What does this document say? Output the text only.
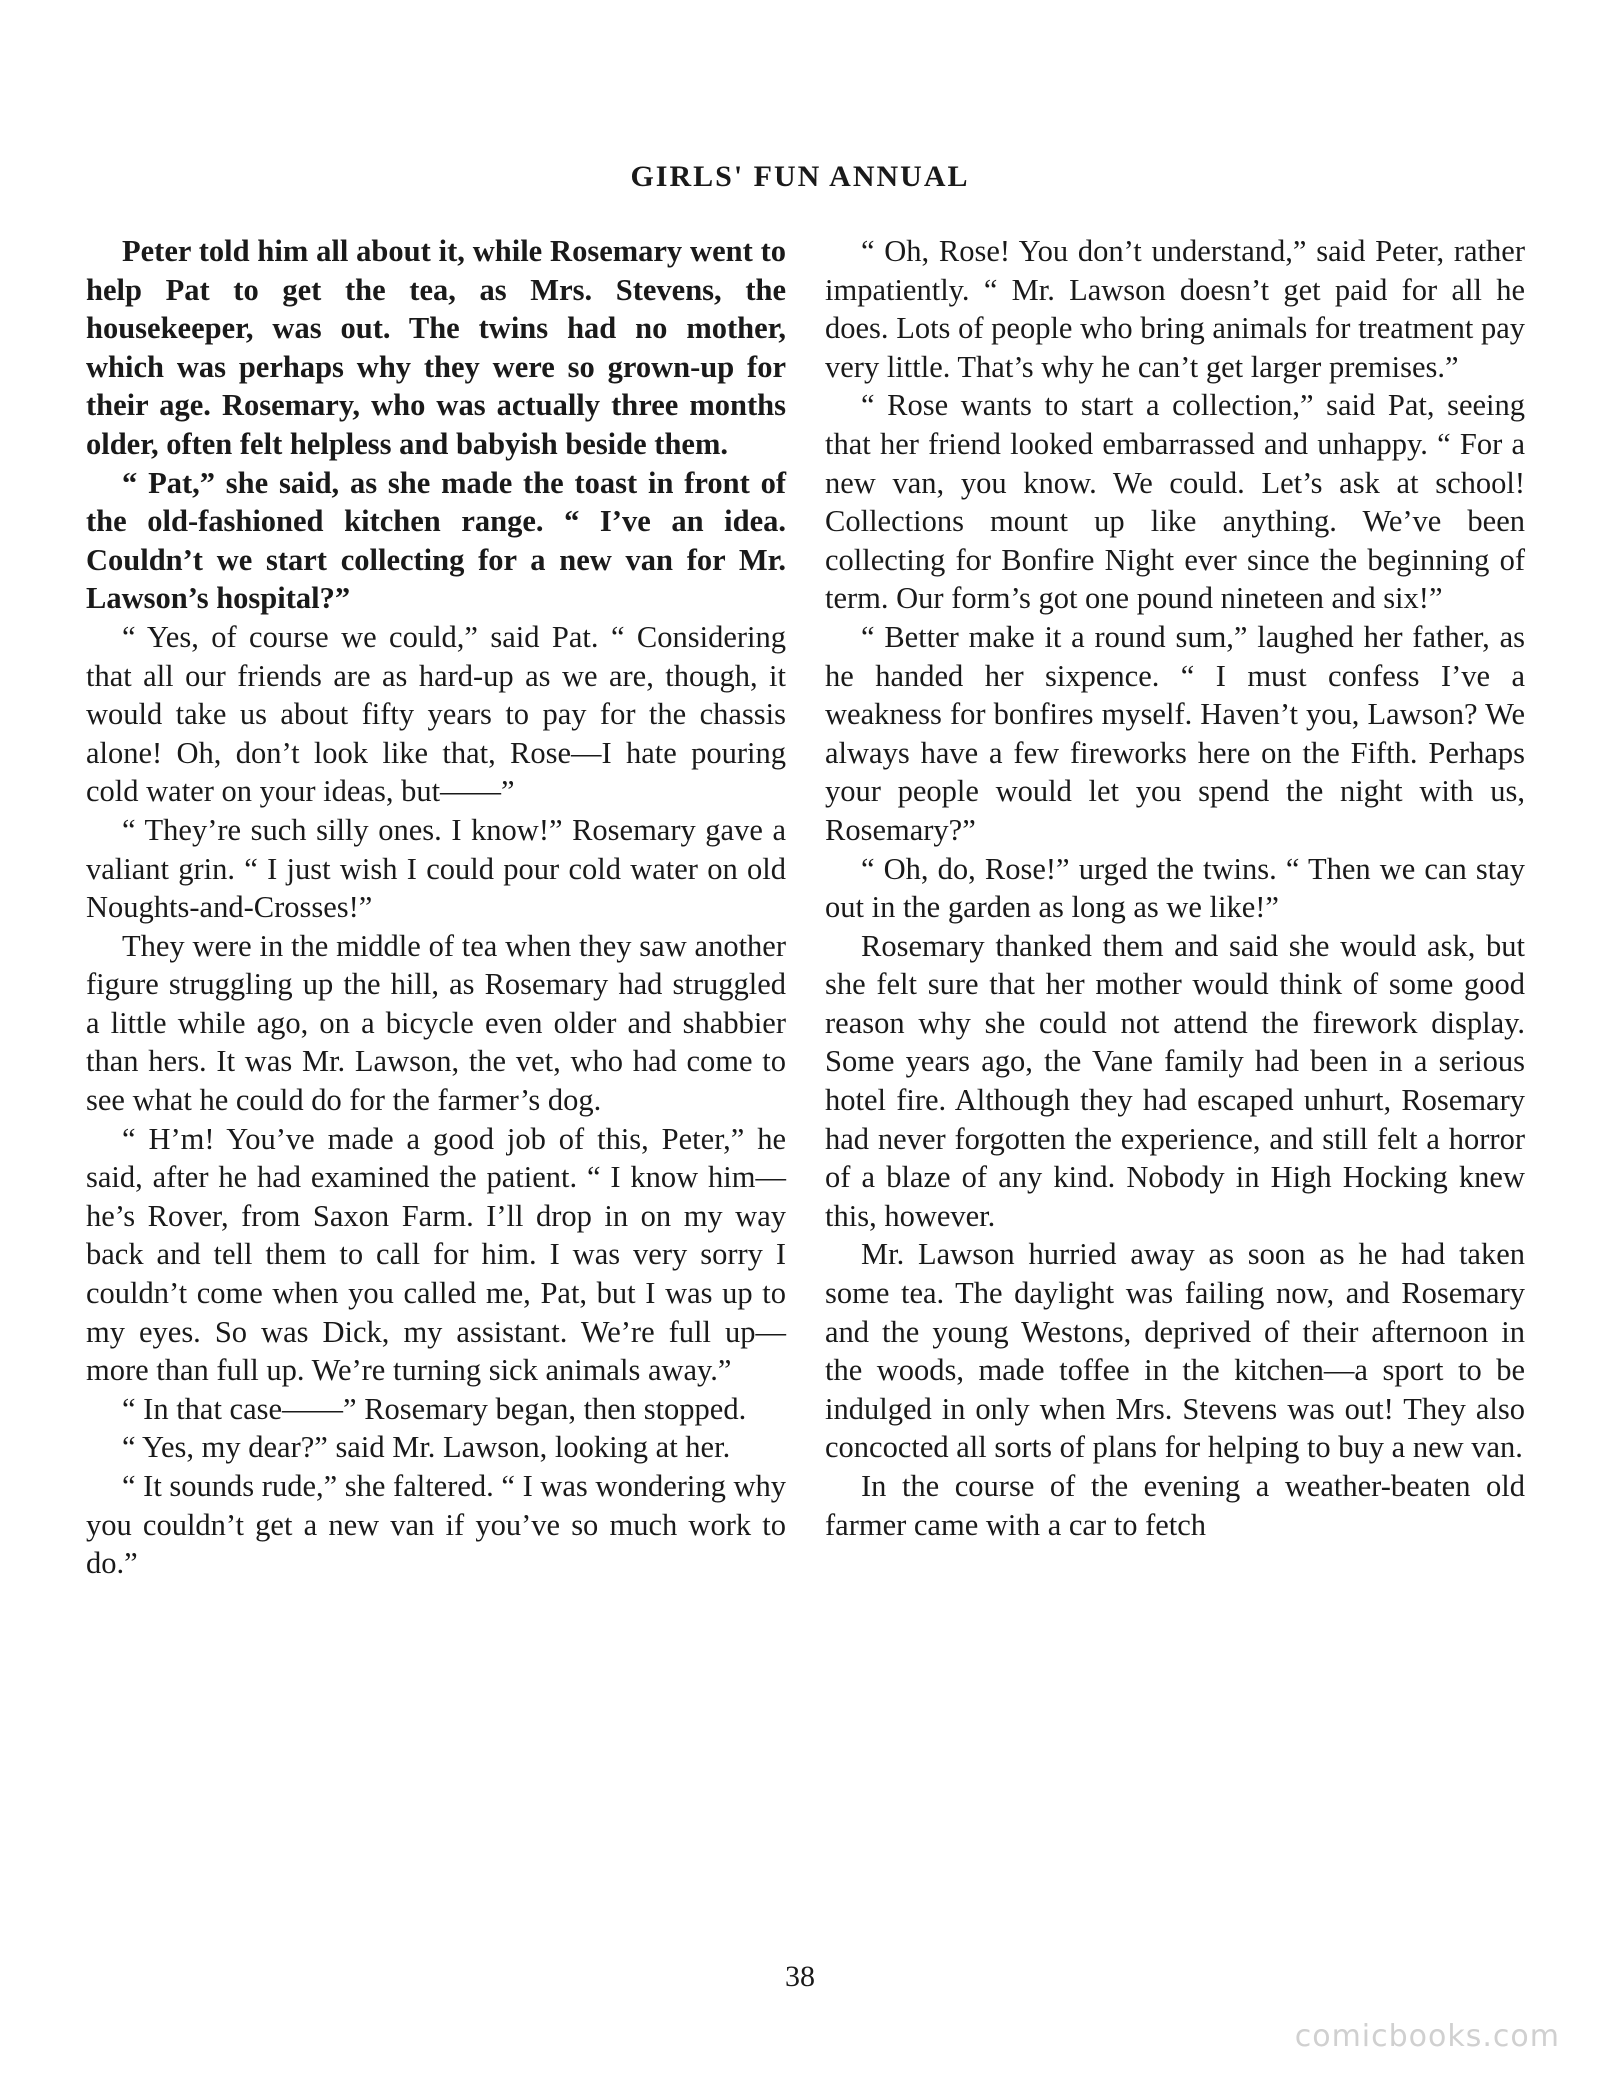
GIRLS' FUN ANNUAL

Peter told him all about it, while Rosemary went to help Pat to get the tea, as Mrs. Stevens, the housekeeper, was out. The twins had no mother, which was perhaps why they were so grown-up for their age. Rosemary, who was actually three months older, often felt helpless and babyish beside them.

“ Pat,” she said, as she made the toast in front of the old-fashioned kitchen range. “ I’ve an idea. Couldn’t we start collecting for a new van for Mr. Lawson’s hospital?”

“ Yes, of course we could,” said Pat. “ Considering that all our friends are as hard-up as we are, though, it would take us about fifty years to pay for the chassis alone! Oh, don’t look like that, Rose—I hate pouring cold water on your ideas, but——”

“ They’re such silly ones. I know!” Rosemary gave a valiant grin. “ I just wish I could pour cold water on old Noughts-and-Crosses!”

They were in the middle of tea when they saw another figure struggling up the hill, as Rosemary had struggled a little while ago, on a bicycle even older and shabbier than hers. It was Mr. Lawson, the vet, who had come to see what he could do for the farmer’s dog.

“ H’m! You’ve made a good job of this, Peter,” he said, after he had examined the patient. “ I know him—he’s Rover, from Saxon Farm. I’ll drop in on my way back and tell them to call for him. I was very sorry I couldn’t come when you called me, Pat, but I was up to my eyes. So was Dick, my assistant. We’re full up—more than full up. We’re turning sick animals away.”

“ In that case——” Rosemary began, then stopped.

“ Yes, my dear?” said Mr. Lawson, looking at her.

“ It sounds rude,” she faltered. “ I was wondering why you couldn’t get a new van if you’ve so much work to do.”

“ Oh, Rose! You don’t understand,” said Peter, rather impatiently. “ Mr. Lawson doesn’t get paid for all he does. Lots of people who bring animals for treatment pay very little. That’s why he can’t get larger premises.”

“ Rose wants to start a collection,” said Pat, seeing that her friend looked embarrassed and unhappy. “ For a new van, you know. We could. Let’s ask at school! Collections mount up like anything. We’ve been collecting for Bonfire Night ever since the beginning of term. Our form’s got one pound nineteen and six!”

“ Better make it a round sum,” laughed her father, as he handed her sixpence. “ I must confess I’ve a weakness for bonfires myself. Haven’t you, Lawson? We always have a few fireworks here on the Fifth. Perhaps your people would let you spend the night with us, Rosemary?”

“ Oh, do, Rose!” urged the twins. “ Then we can stay out in the garden as long as we like!”

Rosemary thanked them and said she would ask, but she felt sure that her mother would think of some good reason why she could not attend the firework display. Some years ago, the Vane family had been in a serious hotel fire. Although they had escaped unhurt, Rosemary had never forgotten the experience, and still felt a horror of a blaze of any kind. Nobody in High Hocking knew this, however.

Mr. Lawson hurried away as soon as he had taken some tea. The daylight was failing now, and Rosemary and the young Westons, deprived of their afternoon in the woods, made toffee in the kitchen—a sport to be indulged in only when Mrs. Stevens was out! They also concocted all sorts of plans for helping to buy a new van.

In the course of the evening a weather-beaten old farmer came with a car to fetch

38
comicbooks.com
